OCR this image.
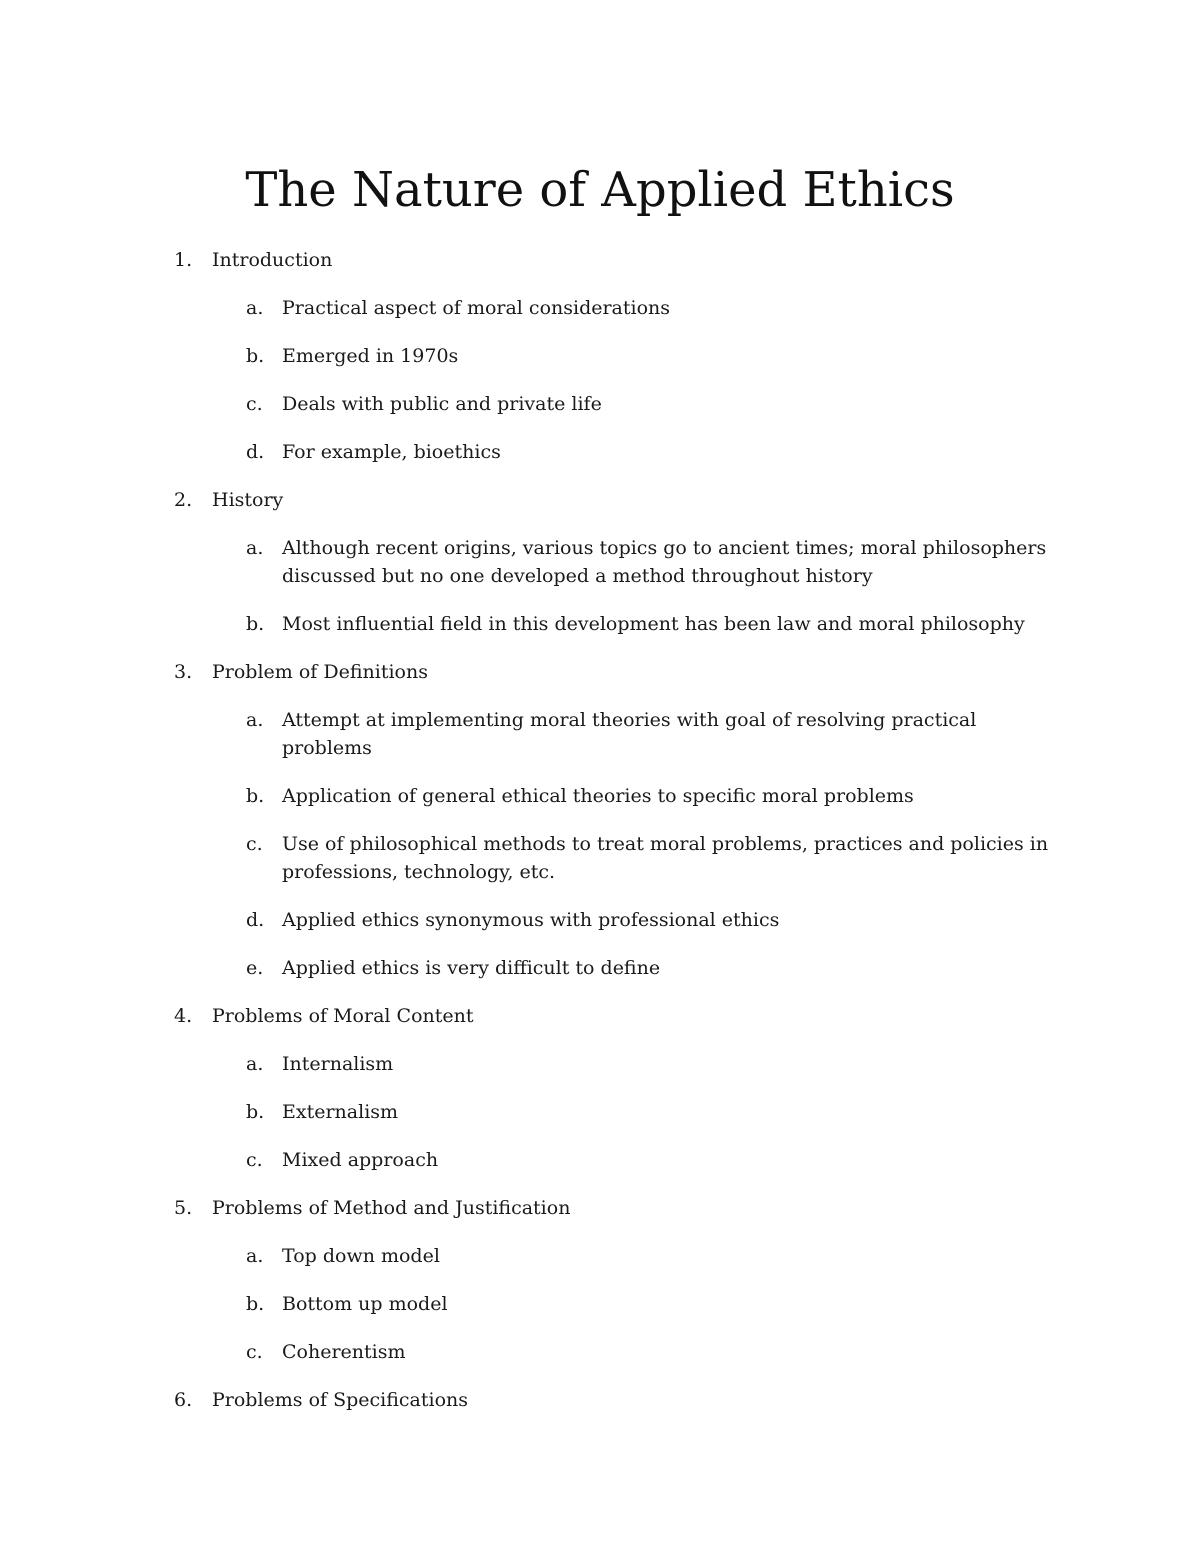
The Nature of Applied Ethics
1. Introduction
a. Practical aspect of moral considerations
b. Emerged in 1970s
c. Deals with public and private life
d. For example, bioethics
2. History
a. Although recent origins, various topics go to ancient times; moral philosophers discussed but no one developed a method throughout history
b. Most influential field in this development has been law and moral philosophy
3. Problem of Definitions
a. Attempt at implementing moral theories with goal of resolving practical problems
b. Application of general ethical theories to specific moral problems
c. Use of philosophical methods to treat moral problems, practices and policies in professions, technology, etc.
d. Applied ethics synonymous with professional ethics
e. Applied ethics is very difficult to define
4. Problems of Moral Content
a. Internalism
b. Externalism
c. Mixed approach
5. Problems of Method and Justification
a. Top down model
b. Bottom up model
c. Coherentism
6. Problems of Specifications
